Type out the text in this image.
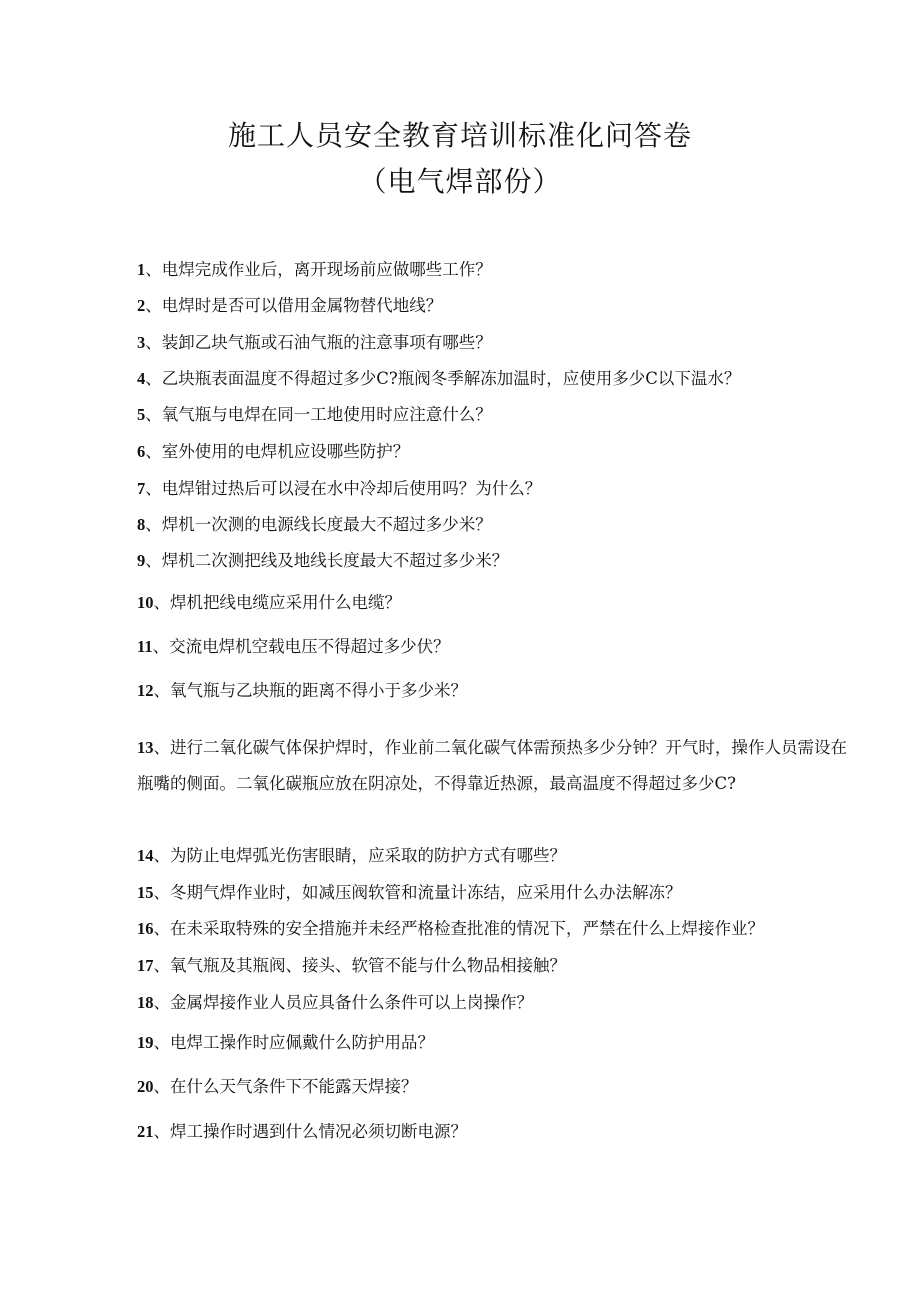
施工人员安全教育培训标准化问答卷
（电气焊部份）

1 、 电焊完成作业后，离开现场前应做哪些工作？

2 、 电焊时是否可以借用金属物替代地线？

3 、 装卸乙块气瓶或石油气瓶的注意事项有哪些？

4 、 乙块瓶表面温度不得超过多少C?瓶阀冬季解冻加温时，应使用多少C以下温水？

5 、 氧气瓶与电焊在同一工地使用时应注意什么？

6 、 室外使用的电焊机应设哪些防护？

7 、 电焊钳过热后可以浸在水中冷却后使用吗？为什么？

8 、 焊机一次测的电源线长度最大不超过多少米？

9 、 焊机二次测把线及地线长度最大不超过多少米？

10 、 焊机把线电缆应采用什么电缆？

11 、 交流电焊机空载电压不得超过多少伏？

12 、 氧气瓶与乙块瓶的距离不得小于多少米？

13 、 进行二氧化碳气体保护焊时，作业前二氧化碳气体需预热多少分钟？开气时，操作人员需设在瓶嘴的侧面。二氧化碳瓶应放在阴凉处，不得靠近热源，最高温度不得超过多少C?

14 、 为防止电焊弧光伤害眼睛，应采取的防护方式有哪些？

15 、 冬期气焊作业时，如减压阀软管和流量计冻结，应采用什么办法解冻？

16 、 在未采取特殊的安全措施并未经严格检查批准的情况下，严禁在什么上焊接作业？

17 、 氧气瓶及其瓶阀、接头、软管不能与什么物品相接触？

18 、 金属焊接作业人员应具备什么条件可以上岗操作？

19 、 电焊工操作时应佩戴什么防护用品？

20 、 在什么天气条件下不能露天焊接？

21 、 焊工操作时遇到什么情况必须切断电源？
